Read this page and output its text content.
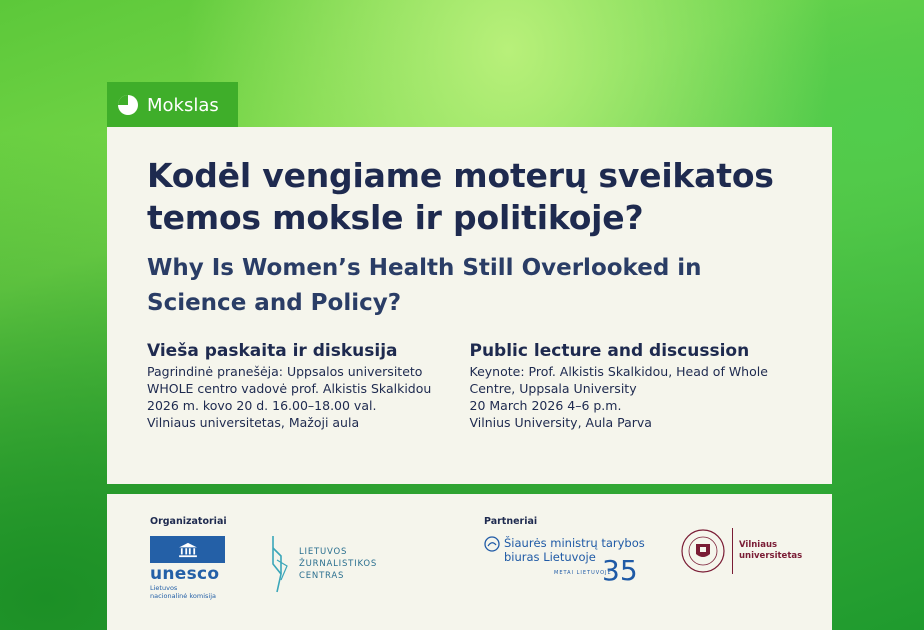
Mokslas
Kodėl vengiame moterų sveikatos temos moksle ir politikoje?
Why Is Women’s Health Still Overlooked in Science and Policy?
Vieša paskaita ir diskusija

Pagrindinė pranešėja: Uppsalos universiteto

WHOLE centro vadovė prof. Alkistis Skalkidou

2026 m. kovo 20 d. 16.00–18.00 val.

Vilniaus universitetas, Mažoji aula

Public lecture and discussion

Keynote: Prof. Alkistis Skalkidou, Head of Whole

Centre, Uppsala University

20 March 2026 4–6 p.m.

Vilnius University, Aula Parva

Organizatoriai	Partneriai
unesco
Lietuvos
nacionalinė komisija
LIETUVOS
ŽURNALISTIKOS
CENTRAS
Šiaurės ministrų tarybos
biuras Lietuvoje
METAI LIETUVOJE
35
Vilniaus
universitetas
